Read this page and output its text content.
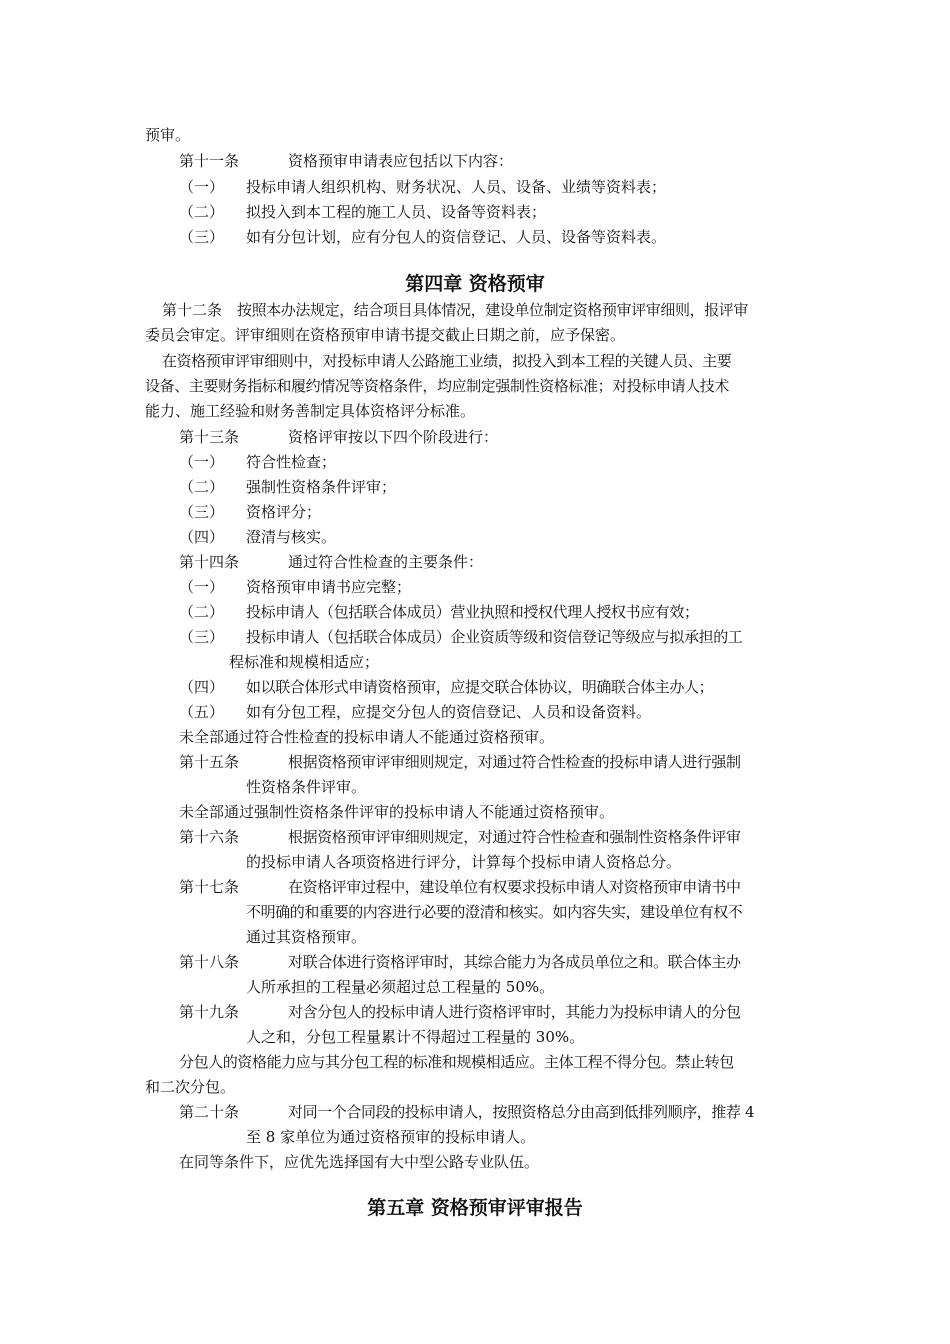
预审。
第十一条	资格预审申请表应包括以下内容：
（一） 投标申请人组织机构、财务状况、人员、设备、业绩等资料表；
（二） 拟投入到本工程的施工人员、设备等资料表；
（三） 如有分包计划，应有分包人的资信登记、人员、设备等资料表。
第四章 资格预审
第十二条 按照本办法规定，结合项目具体情况，建设单位制定资格预审评审细则，报评审
委员会审定。评审细则在资格预审申请书提交截止日期之前，应予保密。
在资格预审评审细则中，对投标申请人公路施工业绩，拟投入到本工程的关键人员、主要
设备、主要财务指标和履约情况等资格条件，均应制定强制性资格标准；对投标申请人技术
能力、施工经验和财务善制定具体资格评分标准。
第十三条	资格评审按以下四个阶段进行：
（一） 符合性检查；
（二） 强制性资格条件评审；
（三） 资格评分；
（四） 澄清与核实。
第十四条	通过符合性检查的主要条件：
（一） 资格预审申请书应完整；
（二） 投标申请人（包括联合体成员）营业执照和授权代理人授权书应有效；
（三） 投标申请人（包括联合体成员）企业资质等级和资信登记等级应与拟承担的工
程标准和规模相适应；
（四） 如以联合体形式申请资格预审，应提交联合体协议，明确联合体主办人；
（五） 如有分包工程，应提交分包人的资信登记、人员和设备资料。
未全部通过符合性检查的投标申请人不能通过资格预审。
第十五条	根据资格预审评审细则规定，对通过符合性检查的投标申请人进行强制
性资格条件评审。
未全部通过强制性资格条件评审的投标申请人不能通过资格预审。
第十六条	根据资格预审评审细则规定，对通过符合性检查和强制性资格条件评审
的投标申请人各项资格进行评分，计算每个投标申请人资格总分。
第十七条	在资格评审过程中，建设单位有权要求投标申请人对资格预审申请书中
不明确的和重要的内容进行必要的澄清和核实。如内容失实，建设单位有权不
通过其资格预审。
第十八条	对联合体进行资格评审时，其综合能力为各成员单位之和。联合体主办
人所承担的工程量必须超过总工程量的 50%。
第十九条	对含分包人的投标申请人进行资格评审时，其能力为投标申请人的分包
人之和，分包工程量累计不得超过工程量的 30%。
分包人的资格能力应与其分包工程的标准和规模相适应。主体工程不得分包。禁止转包
和二次分包。
第二十条	对同一个合同段的投标申请人，按照资格总分由高到低排列顺序，推荐 4
至 8 家单位为通过资格预审的投标申请人。
在同等条件下，应优先选择国有大中型公路专业队伍。
第五章 资格预审评审报告
